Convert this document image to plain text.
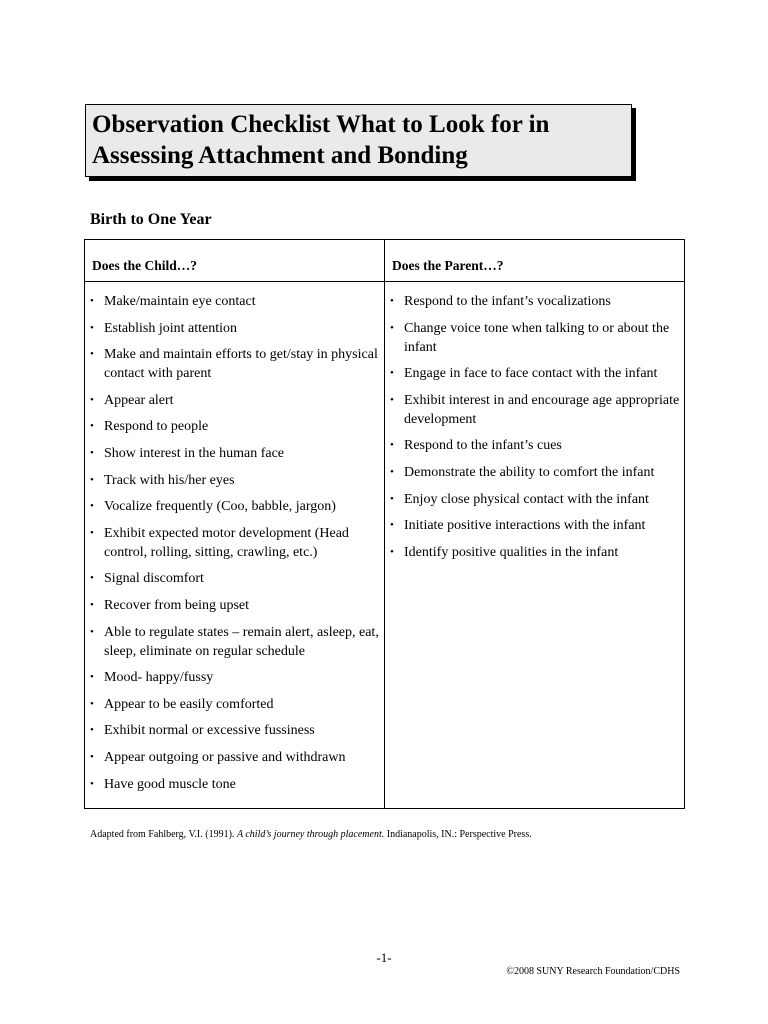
Observation Checklist What to Look for in Assessing Attachment and Bonding
Birth to One Year
Does the Child…?	Does the Parent…?
• Make/maintain eye contact
• Establish joint attention
• Make and maintain efforts to get/stay in physical contact with parent
• Appear alert
• Respond to people
• Show interest in the human face
• Track with his/her eyes
• Vocalize frequently (Coo, babble, jargon)
• Exhibit expected motor development (Head control, rolling, sitting, crawling, etc.)
• Signal discomfort
• Recover from being upset
• Able to regulate states – remain alert, asleep, eat, sleep, eliminate on regular schedule
• Mood- happy/fussy
• Appear to be easily comforted
• Exhibit normal or excessive fussiness
• Appear outgoing or passive and withdrawn
• Have good muscle tone
• Respond to the infant’s vocalizations
• Change voice tone when talking to or about the infant
• Engage in face to face contact with the infant
• Exhibit interest in and encourage age appropriate development
• Respond to the infant’s cues
• Demonstrate the ability to comfort the infant
• Enjoy close physical contact with the infant
• Initiate positive interactions with the infant
• Identify positive qualities in the infant
Adapted from Fahlberg, V.I. (1991). A child’s journey through placement. Indianapolis, IN.: Perspective Press.
-1-
©2008 SUNY Research Foundation/CDHS
